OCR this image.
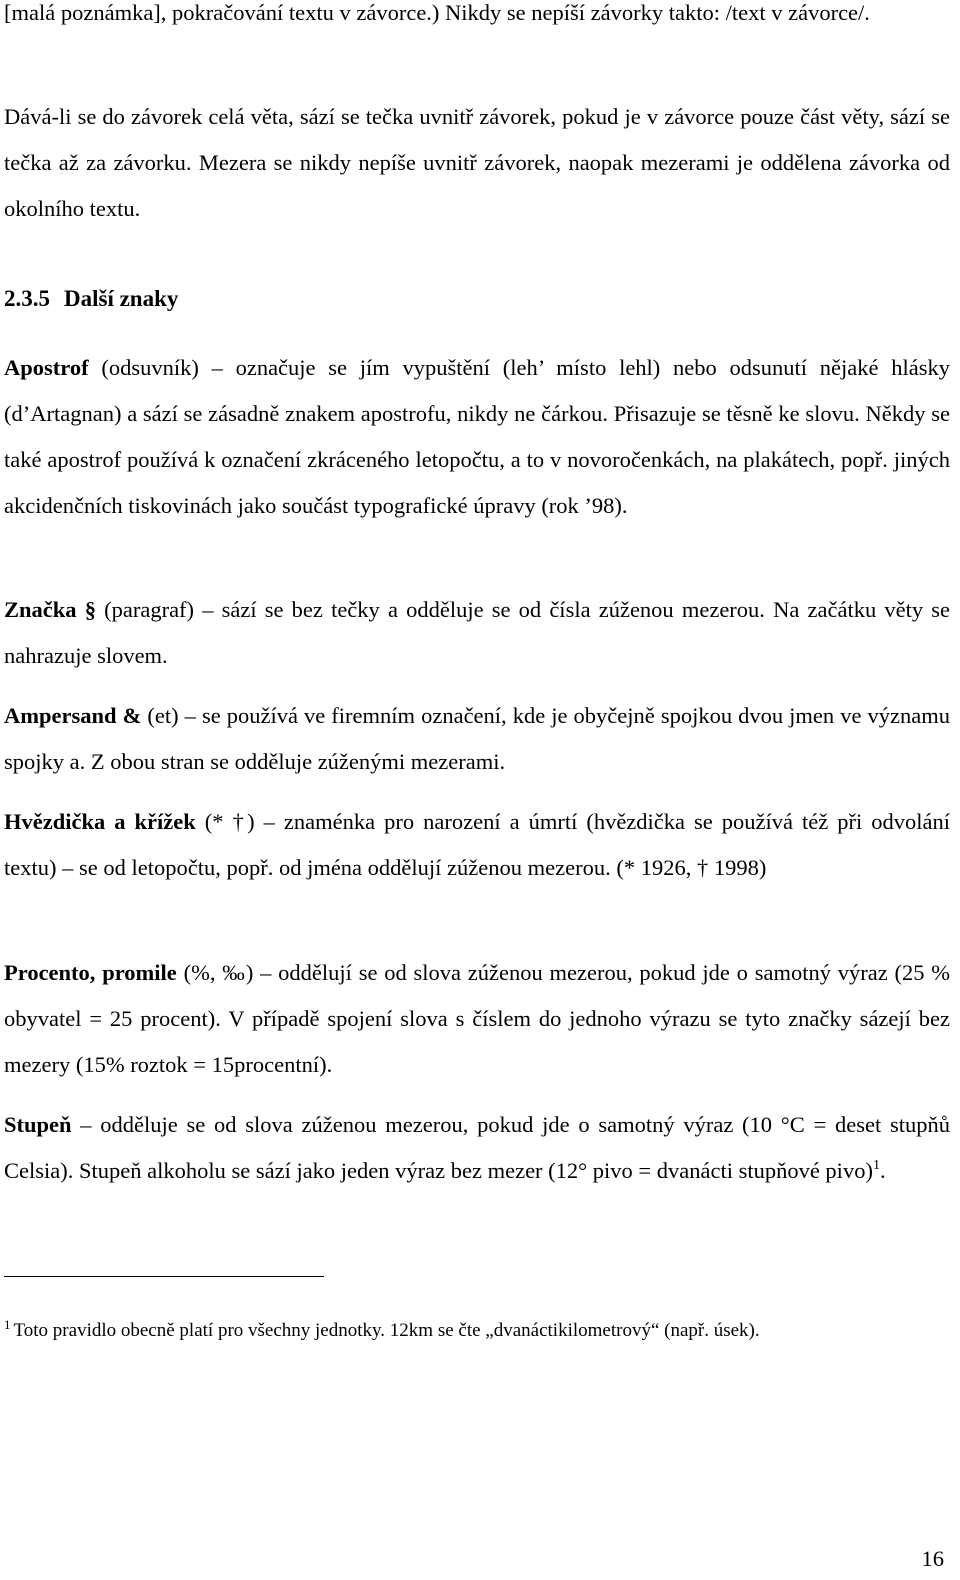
[malá poznámka], pokračování textu v závorce.) Nikdy se nepíší závorky takto: /text v závorce/.

Dává-li se do závorek celá věta, sází se tečka uvnitř závorek, pokud je v závorce pouze část věty, sází se tečka až za závorku. Mezera se nikdy nepíše uvnitř závorek, naopak mezerami je oddělena závorka od okolního textu.

2.3.5 Další znaky

Apostrof (odsuvník) – označuje se jím vypuštění (leh’ místo lehl) nebo odsunutí nějaké hlásky (d’Artagnan) a sází se zásadně znakem apostrofu, nikdy ne čárkou. Přisazuje se těsně ke slovu. Někdy se také apostrof používá k označení zkráceného letopočtu, a to v novoročenkách, na plakátech, popř. jiných akcidenčních tiskovinách jako součást typografické úpravy (rok ’98).

Značka § (paragraf) – sází se bez tečky a odděluje se od čísla zúženou mezerou. Na začátku věty se nahrazuje slovem.

Ampersand & (et) – se používá ve firemním označení, kde je obyčejně spojkou dvou jmen ve významu spojky a. Z obou stran se odděluje zúženými mezerami.

Hvězdička a křížek (* †) – znaménka pro narození a úmrtí (hvězdička se používá též při odvolání textu) – se od letopočtu, popř. od jména oddělují zúženou mezerou. (* 1926, † 1998)

Procento, promile (%, ‰) – oddělují se od slova zúženou mezerou, pokud jde o samotný výraz (25 % obyvatel = 25 procent). V případě spojení slova s číslem do jednoho výrazu se tyto značky sázejí bez mezery (15% roztok = 15procentní).

Stupeň – odděluje se od slova zúženou mezerou, pokud jde o samotný výraz (10 °C = deset stupňů Celsia). Stupeň alkoholu se sází jako jeden výraz bez mezer (12° pivo = dvanácti stupňové pivo)$^1$.

$^1$ Toto pravidlo obecně platí pro všechny jednotky. 12km se čte „dvanáctikilometrový“ (např. úsek).

16
